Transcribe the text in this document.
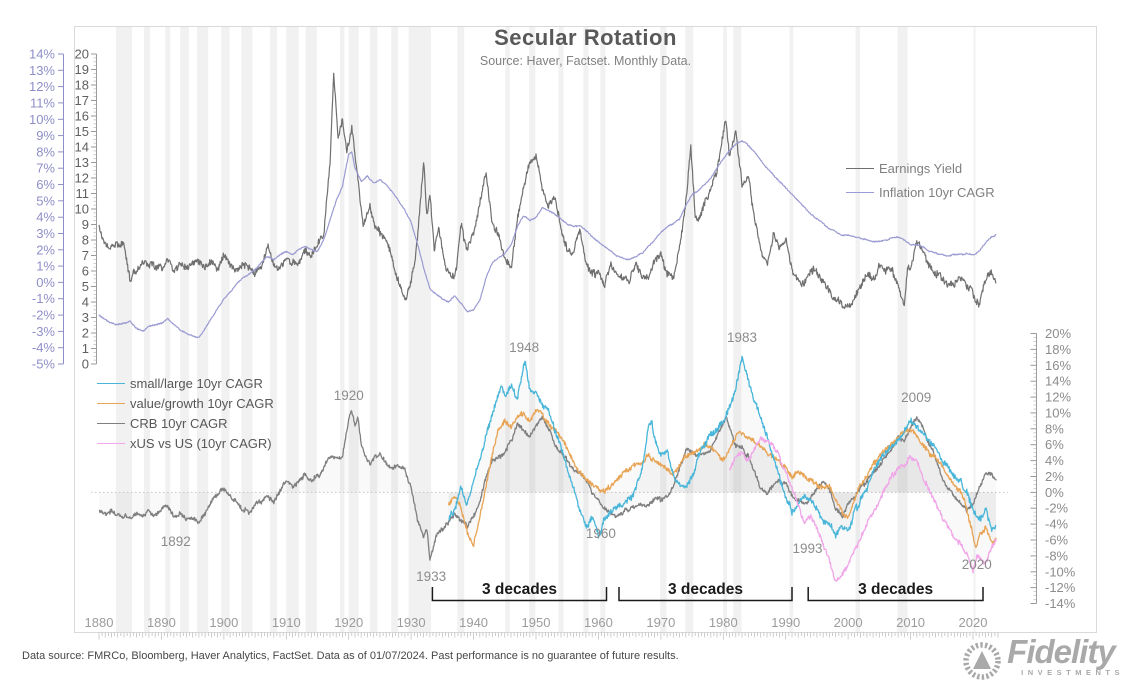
14%
13%
12%
11%
10%
9%
8%
7%
6%
5%
4%
3%
2%
1%
0%
-1%
-2%
-3%
-4%
-5%
20
19
18
17
16
15
14
13
12
11
10
9
8
7
6
5
4
3
2
1
0
20%
18%
16%
14%
12%
10%
8%
6%
4%
2%
0%
-2%
-4%
-6%
-8%
-10%
-12%
-14%
1880	1890	1900	1910	1920	1930	1940	1950	1960	1970	1980	1990	2000	2010	2020
1892
1920
1933
1948
1960
1983
1993
2009
2020
3 decades	3 decades	3 decades
Secular Rotation
Source: Haver, Factset. Monthly Data.
Earnings Yield
Inflation 10yr CAGR
small/large 10yr CAGR
value/growth 10yr CAGR
CRB 10yr CAGR
xUS vs US (10yr CAGR)
Data source: FMRCo, Bloomberg, Haver Analytics, FactSet. Data as of 01/07/2024. Past performance is no guarantee of future results.	Fidelity
INVESTMENTS
